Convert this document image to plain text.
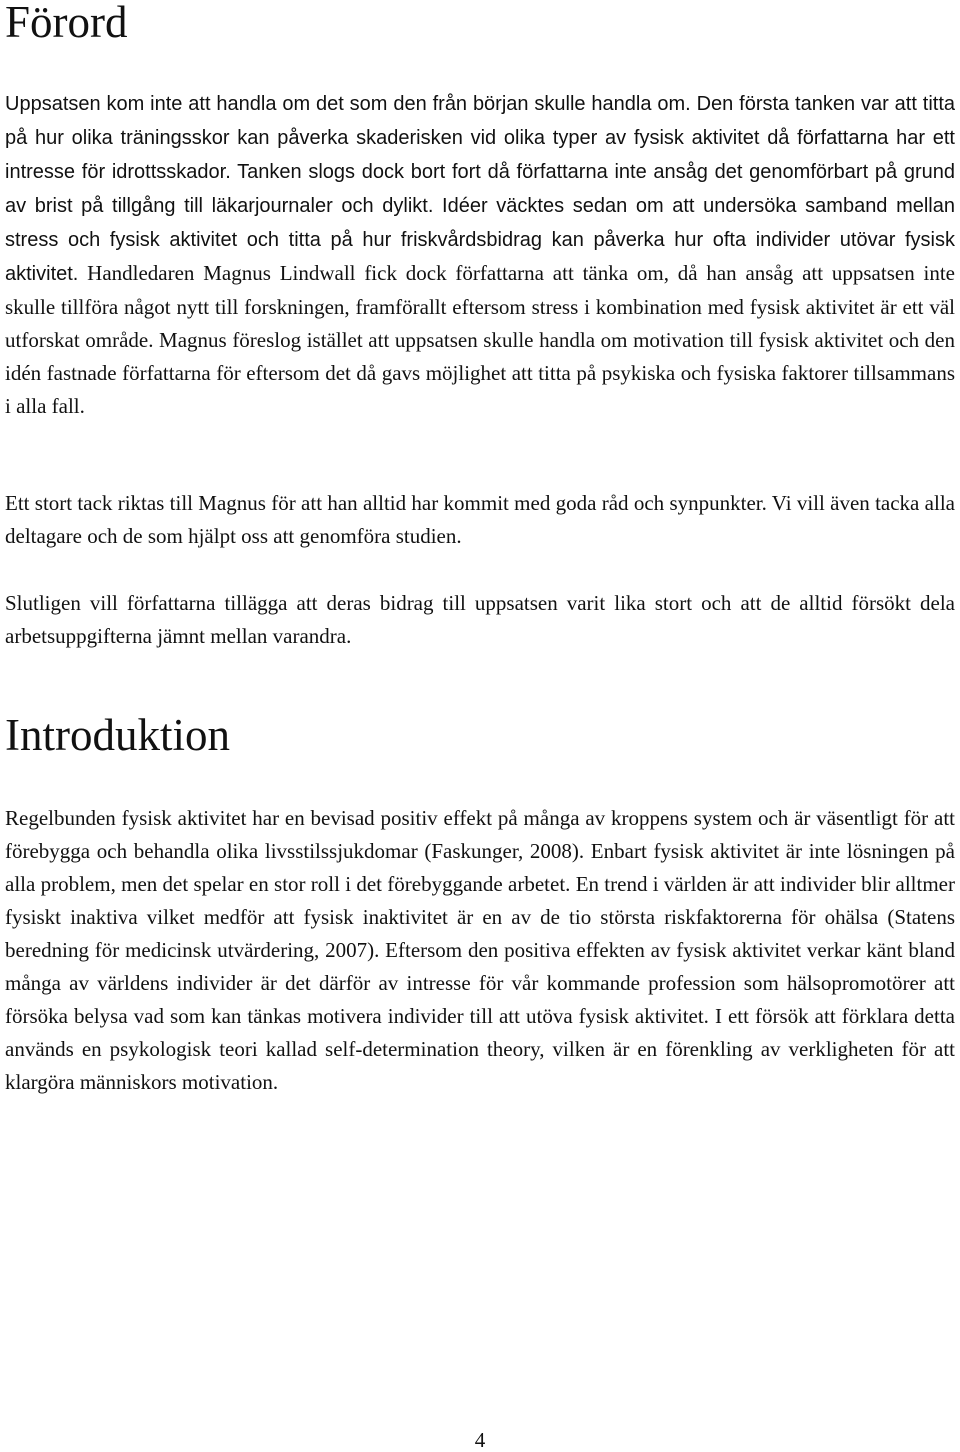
Förord

Uppsatsen kom inte att handla om det som den från början skulle handla om. Den första tanken var att titta på hur olika träningsskor kan påverka skaderisken vid olika typer av fysisk aktivitet då författarna har ett intresse för idrottsskador. Tanken slogs dock bort fort då författarna inte ansåg det genomförbart på grund av brist på tillgång till läkarjournaler och dylikt. Idéer väcktes sedan om att undersöka samband mellan stress och fysisk aktivitet och titta på hur friskvårdsbidrag kan påverka hur ofta individer utövar fysisk aktivitet. Handledaren Magnus Lindwall fick dock författarna att tänka om, då han ansåg att uppsatsen inte skulle tillföra något nytt till forskningen, framförallt eftersom stress i kombination med fysisk aktivitet är ett väl utforskat område. Magnus föreslog istället att uppsatsen skulle handla om motivation till fysisk aktivitet och den idén fastnade författarna för eftersom det då gavs möjlighet att titta på psykiska och fysiska faktorer tillsammans i alla fall.

Ett stort tack riktas till Magnus för att han alltid har kommit med goda råd och synpunkter. Vi vill även tacka alla deltagare och de som hjälpt oss att genomföra studien.

Slutligen vill författarna tillägga att deras bidrag till uppsatsen varit lika stort och att de alltid försökt dela arbetsuppgifterna jämnt mellan varandra.

Introduktion

Regelbunden fysisk aktivitet har en bevisad positiv effekt på många av kroppens system och är väsentligt för att förebygga och behandla olika livsstilssjukdomar (Faskunger, 2008). Enbart fysisk aktivitet är inte lösningen på alla problem, men det spelar en stor roll i det förebyggande arbetet. En trend i världen är att individer blir alltmer fysiskt inaktiva vilket medför att fysisk inaktivitet är en av de tio största riskfaktorerna för ohälsa (Statens beredning för medicinsk utvärdering, 2007). Eftersom den positiva effekten av fysisk aktivitet verkar känt bland många av världens individer är det därför av intresse för vår kommande profession som hälsopromotörer att försöka belysa vad som kan tänkas motivera individer till att utöva fysisk aktivitet. I ett försök att förklara detta används en psykologisk teori kallad self-determination theory, vilken är en förenkling av verkligheten för att klargöra människors motivation.

4
